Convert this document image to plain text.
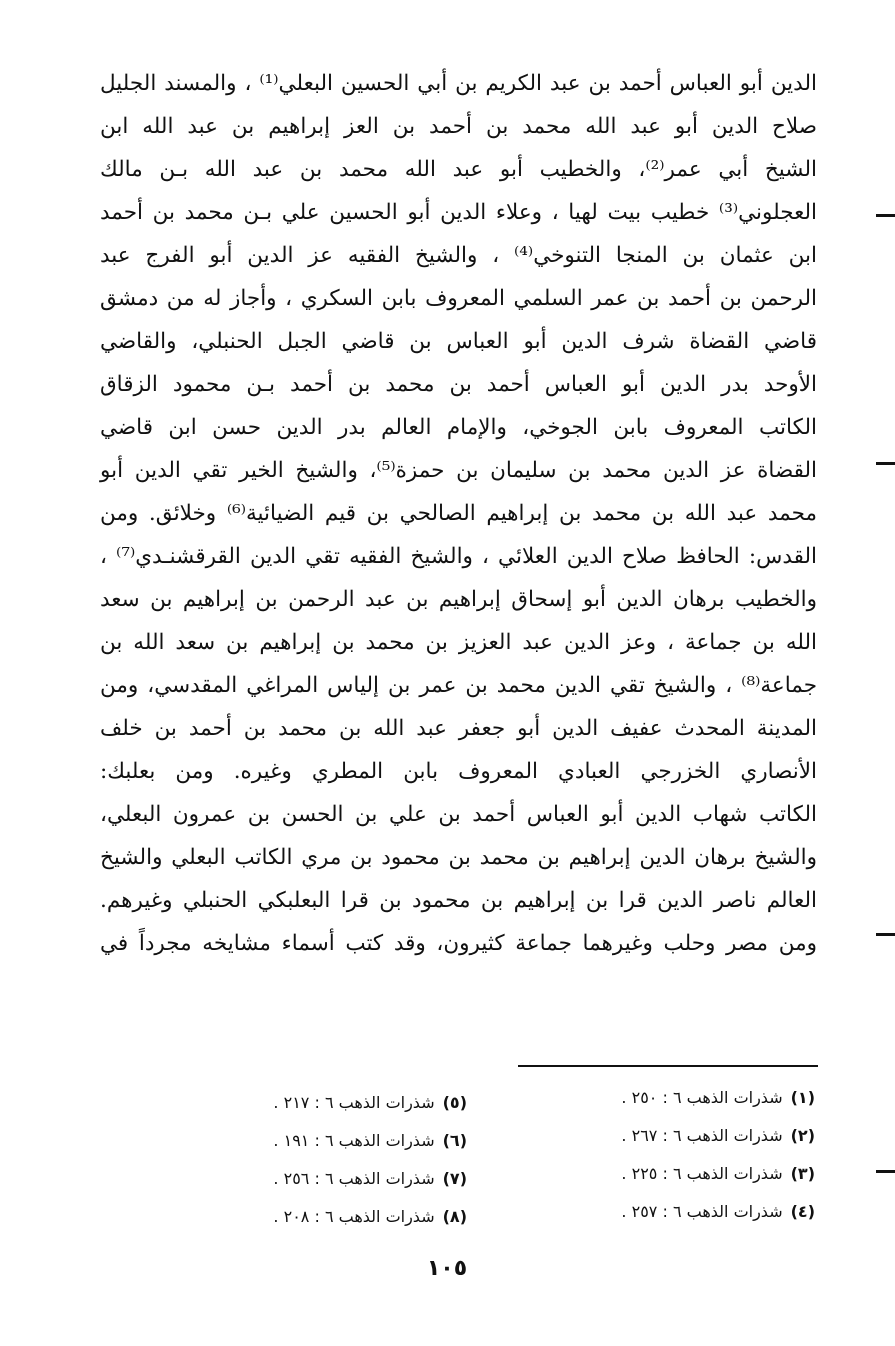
الدين أبو العباس أحمد بن عبد الكريم بن أبي الحسين البعلي⁽¹⁾ ، والمسند الجليل
صلاح الدين أبو عبد الله محمد بن أحمد بن العز إبراهيم بن عبد الله ابن
الشيخ أبي عمر⁽²⁾، والخطيب أبو عبد الله محمد بن عبد الله بـن مالك
العجلوني⁽³⁾ خطيب بيت لهيا ، وعلاء الدين أبو الحسين علي بـن محمد بن أحمد
ابن عثمان بن المنجا التنوخي⁽⁴⁾ ، والشيخ الفقيه عز الدين أبو الفرج عبد
الرحمن بن أحمد بن عمر السلمي المعروف بابن السكري ، وأجاز له من دمشق
قاضي القضاة شرف الدين أبو العباس بن قاضي الجبل الحنبلي، والقاضي
الأوحد بدر الدين أبو العباس أحمد بن محمد بن أحمد بـن محمود الزقاق
الكاتب المعروف بابن الجوخي، والإمام العالم بدر الدين حسن ابن قاضي
القضاة عز الدين محمد بن سليمان بن حمزة⁽⁵⁾، والشيخ الخير تقي الدين أبو
محمد عبد الله بن محمد بن إبراهيم الصالحي بن قيم الضيائية⁽⁶⁾ وخلائق. ومن
القدس: الحافظ صلاح الدين العلائي ، والشيخ الفقيه تقي الدين القرقشنـدي⁽⁷⁾ ،
والخطيب برهان الدين أبو إسحاق إبراهيم بن عبد الرحمن بن إبراهيم بن سعد
الله بن جماعة ، وعز الدين عبد العزيز بن محمد بن إبراهيم بن سعد الله بن
جماعة⁽⁸⁾ ، والشيخ تقي الدين محمد بن عمر بن إلياس المراغي المقدسي، ومن
المدينة المحدث عفيف الدين أبو جعفر عبد الله بن محمد بن أحمد بن خلف
الأنصاري الخزرجي العبادي المعروف بابن المطري وغيره. ومن بعلبك:
الكاتب شهاب الدين أبو العباس أحمد بن علي بن الحسن بن عمرون البعلي،
والشيخ برهان الدين إبراهيم بن محمد بن محمود بن مري الكاتب البعلي والشيخ
العالم ناصر الدين قرا بن إبراهيم بن محمود بن قرا البعلبكي الحنبلي وغيرهم.
ومن مصر وحلب وغيرهما جماعة كثيرون، وقد كتب أسماء مشايخه مجرداً في
(١)
شذرات الذهب ٦ : ٢٥٠ .
(٢)
شذرات الذهب ٦ : ٢٦٧ .
(٣)
شذرات الذهب ٦ : ٢٢٥ .
(٤)
شذرات الذهب ٦ : ٢٥٧ .
(٥)
شذرات الذهب ٦ : ٢١٧ .
(٦)
شذرات الذهب ٦ : ١٩١ .
(٧)
شذرات الذهب ٦ : ٢٥٦ .
(٨)
شذرات الذهب ٦ : ٢٠٨ .
١٠٥
